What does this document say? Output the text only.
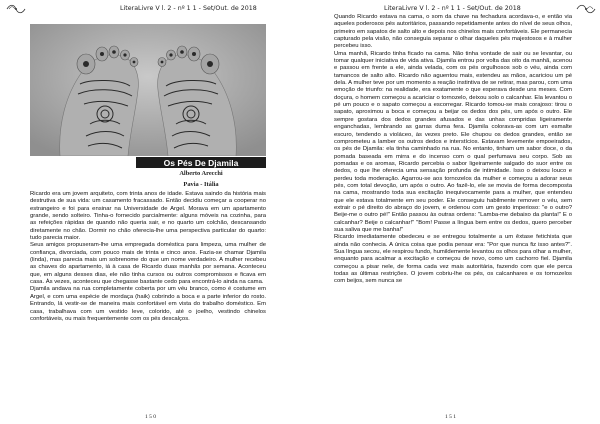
LiteraLivre V l. 2 - nº 1 1 - Set/Out. de 2018
Os Pés De Djamila
Alberto Arecchi
Pavia - Itália

Ricardo era um jovem arquiteto, com trinta anos de idade. Estava saindo da história mais destrutiva de sua vida: um casamento fracassado. Então decidiu começar a cooperar no estrangeiro e foi para ensinar na Universidade de Argel. Morava em um apartamento grande, sendo solteiro. Tinha-o fornecido parcialmente: alguns móveis na cozinha, para as refeições rápidas de quando não queria sair, e no quarto um colchão, descansando diretamente no chão. Dormir no chão oferecia-lhe uma perspectiva particular do quarto: tudo parecia maior.

Seus amigos propuseram-lhe uma empregada doméstica para limpeza, uma mulher de confiança, divorciada, com pouco mais de trinta e cinco anos. Fazia-se chamar Djamila (linda), mas parecia mais um sobrenome do que um nome verdadeiro. A mulher recebeu as chaves do apartamento, iá à casa de Ricardo duas manhãs por semana. Aconteceu que, em alguns desses dias, ele não tinha cursos ou outros compromissos e ficava em casa. Às vezes, aconteceu que chegasse bastante cedo para encontrá-lo ainda na cama.

Djamila andava na rua completamente coberta por um véu branco, como é costume em Argel, e com uma espécie de mordaça (haik) cobrindo a boca e a parte inferior do rosto. Entrando, lá vestir-se de maneira mais confortável em vista do trabalho doméstico. Em casa, trabalhava com um vestido leve, colorido, até o joelho, vestindo chinelos confortáveis, ou mais frequentemente com os pés descalços.

1 5 0
LiteraLivre V l. 2 - nº 1 1 - Set/Out. de 2018

Quando Ricardo estava na cama, o som da chave na fechadura acordava-o, e então via aqueles poderosos pés autoritários, passando repetidamente antes do nível de seus olhos, primeiro em sapatos de salto alto e depois nos chinelos mais confortáveis. Ele permanecia capturado pela visão, não conseguia separar o olhar daqueles pés majestosos e à mulher percebeu isso.

Uma manhã, Ricardo tinha ficado na cama. Não tinha vontade de sair ou se levantar, ou tomar qualquer iniciativa de vida ativa. Djamila entrou por volta das oito da manhã, acenou e passou em frente a ele, ainda velada, com os pés orgulhosos sob o véu, ainda com tamancos de salto alto. Ricardo não aguentou mais, estendeu as mãos, acariciou um pé dela. A mulher teve por um momento a reação instintiva de se retirar, mas parou, com uma emoção de triunfo: na realidade, era exatamente o que esperava desde uns meses. Com doçura, o homem começou a acariciar o tornozelo, deixou solo o calcanhar. Ela levantou o pé um pouco e o sapato começou a escorregar. Ricardo tomou-se mais corajoso: tirou o sapato, aproximou a boca e começou a beijar os dedos dos pés, um após o outro. Ele sempre gostara dos dedos grandes afusados e das unhas compridas ligeiramente enganchadas, lembrando as garras duma fera. Djamila colorava-as com um esmalte escuro, tendendo a violáceo, às vezes preto. Ele chupou os dedos grandes, então se comprometeu a lamber os outros dedos e interstícios. Estavam levemente empoeirados, os pés de Djamila: ela tinha caminhado na rua. No entanto, tinham um sabor doce, o da pomada baseada em mirra e do incenso com o qual perfumava seu corpo. Sob as pomadas e os aromas, Ricardo percebia o sabor ligeiramente salgado do suor entre os dedos, o que lhe oferecia uma sensação profunda de intimidade. Isso o deixou louco e perdeu toda moderação. Agarrou-se aos tornozelos da mulher e começou a adorar seus pés, com total devoção, um após o outro. Ao fazê-lo, ele se movia de forma decomposta na cama, mostrando toda sua excitação inequivocamente para a mulher, que entendeu que ele estava totalmente em seu poder. Ele conseguiu habilmente remover o véu, sem extrair o pé direito do abraço do jovem, e ordenou com um gesto imperioso: "e o outro? Beije-me o outro pé!" Então passou às outras ordens: "Lamba-me debaixo da planta!" E o calcanhar? Beije o calcanhar!" "Bom! Passe a língua bem entre os dedos, quero perceber sua saliva que me banha!"

Ricardo imediatamente obedeceu e se entregou totalmente a um êxtase fetichista que ainda não conhecia. A única coisa que podia pensar era: "Por que nunca fiz isso antes?". Sua língua secou, ele respirou fundo, humildemente levantou os olhos para olhar a mulher, enquanto para acalmar a excitação e começou de novo, como um cachorro fiel. Djamila começou a pisar nele, de forma cada vez mais autoritária, fazendo com que ele perca todas as últimas restrições. O jovem cobriu-lhe os pés, os calcanhares e os tornozelos com beijos, sem nunca se

1 5 1
